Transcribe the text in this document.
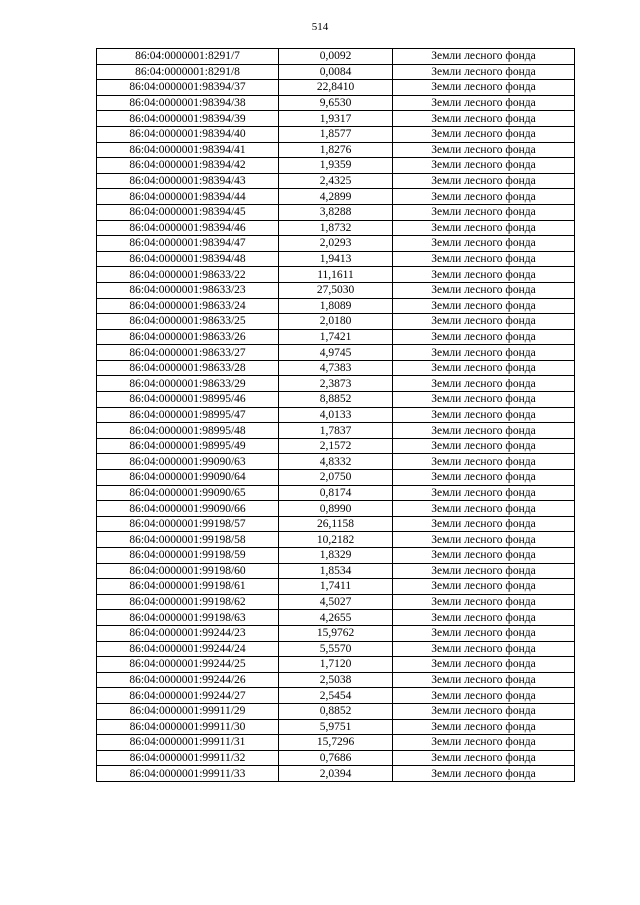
514
86:04:0000001:8291/7	0,0092	Земли лесного фонда
86:04:0000001:8291/8	0,0084	Земли лесного фонда
86:04:0000001:98394/37	22,8410	Земли лесного фонда
86:04:0000001:98394/38	9,6530	Земли лесного фонда
86:04:0000001:98394/39	1,9317	Земли лесного фонда
86:04:0000001:98394/40	1,8577	Земли лесного фонда
86:04:0000001:98394/41	1,8276	Земли лесного фонда
86:04:0000001:98394/42	1,9359	Земли лесного фонда
86:04:0000001:98394/43	2,4325	Земли лесного фонда
86:04:0000001:98394/44	4,2899	Земли лесного фонда
86:04:0000001:98394/45	3,8288	Земли лесного фонда
86:04:0000001:98394/46	1,8732	Земли лесного фонда
86:04:0000001:98394/47	2,0293	Земли лесного фонда
86:04:0000001:98394/48	1,9413	Земли лесного фонда
86:04:0000001:98633/22	11,1611	Земли лесного фонда
86:04:0000001:98633/23	27,5030	Земли лесного фонда
86:04:0000001:98633/24	1,8089	Земли лесного фонда
86:04:0000001:98633/25	2,0180	Земли лесного фонда
86:04:0000001:98633/26	1,7421	Земли лесного фонда
86:04:0000001:98633/27	4,9745	Земли лесного фонда
86:04:0000001:98633/28	4,7383	Земли лесного фонда
86:04:0000001:98633/29	2,3873	Земли лесного фонда
86:04:0000001:98995/46	8,8852	Земли лесного фонда
86:04:0000001:98995/47	4,0133	Земли лесного фонда
86:04:0000001:98995/48	1,7837	Земли лесного фонда
86:04:0000001:98995/49	2,1572	Земли лесного фонда
86:04:0000001:99090/63	4,8332	Земли лесного фонда
86:04:0000001:99090/64	2,0750	Земли лесного фонда
86:04:0000001:99090/65	0,8174	Земли лесного фонда
86:04:0000001:99090/66	0,8990	Земли лесного фонда
86:04:0000001:99198/57	26,1158	Земли лесного фонда
86:04:0000001:99198/58	10,2182	Земли лесного фонда
86:04:0000001:99198/59	1,8329	Земли лесного фонда
86:04:0000001:99198/60	1,8534	Земли лесного фонда
86:04:0000001:99198/61	1,7411	Земли лесного фонда
86:04:0000001:99198/62	4,5027	Земли лесного фонда
86:04:0000001:99198/63	4,2655	Земли лесного фонда
86:04:0000001:99244/23	15,9762	Земли лесного фонда
86:04:0000001:99244/24	5,5570	Земли лесного фонда
86:04:0000001:99244/25	1,7120	Земли лесного фонда
86:04:0000001:99244/26	2,5038	Земли лесного фонда
86:04:0000001:99244/27	2,5454	Земли лесного фонда
86:04:0000001:99911/29	0,8852	Земли лесного фонда
86:04:0000001:99911/30	5,9751	Земли лесного фонда
86:04:0000001:99911/31	15,7296	Земли лесного фонда
86:04:0000001:99911/32	0,7686	Земли лесного фонда
86:04:0000001:99911/33	2,0394	Земли лесного фонда
